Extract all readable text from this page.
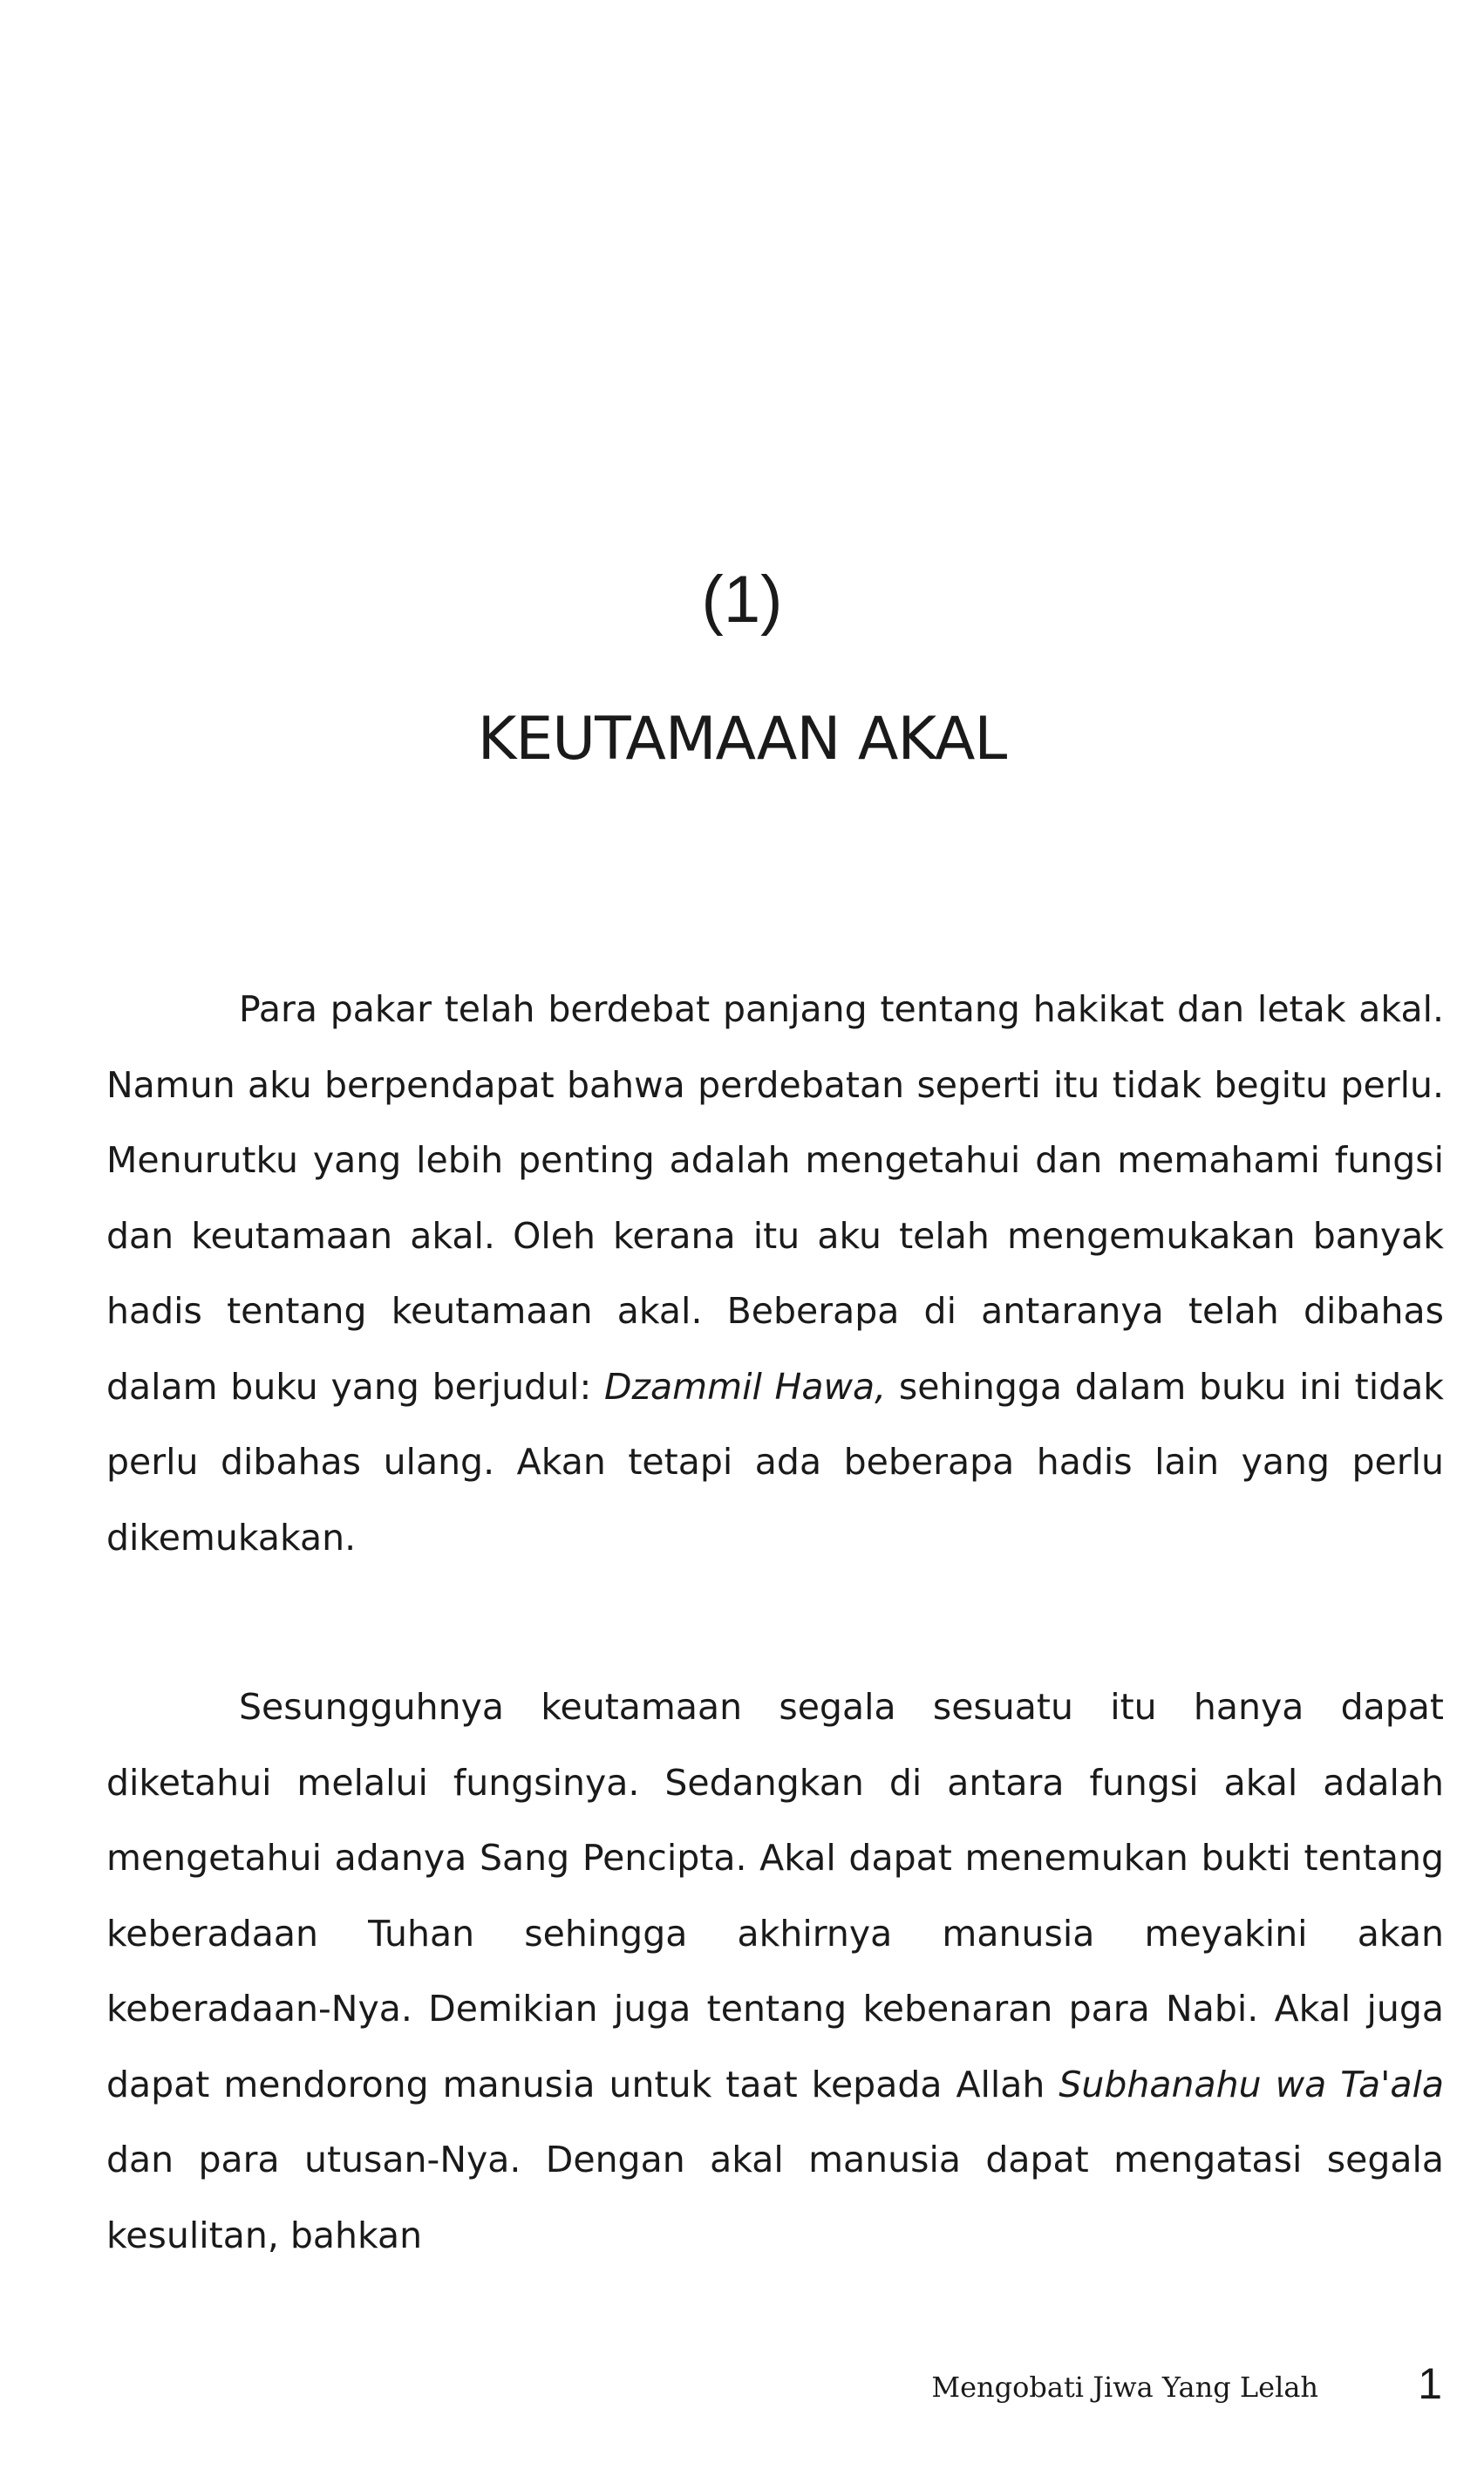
(1)
KEUTAMAAN AKAL

Para pakar telah berdebat panjang tentang hakikat dan letak akal. Namun aku berpendapat bahwa perdebatan seperti itu tidak begitu perlu. Menurutku yang lebih penting adalah mengetahui dan memahami fungsi dan keutamaan akal. Oleh kerana itu aku telah mengemukakan banyak hadis tentang keutamaan akal. Beberapa di antaranya telah dibahas dalam buku yang berjudul: Dzammil Hawa, sehingga dalam buku ini tidak perlu dibahas ulang. Akan tetapi ada beberapa hadis lain yang perlu dikemukakan.

Sesungguhnya keutamaan segala sesuatu itu hanya dapat diketahui melalui fungsinya. Sedangkan di antara fungsi akal adalah mengetahui adanya Sang Pencipta. Akal dapat menemukan bukti tentang keberadaan Tuhan sehingga akhirnya manusia meyakini akan keberadaan-Nya. Demikian juga tentang kebenaran para Nabi. Akal juga dapat mendorong manusia untuk taat kepada Allah Subhanahu wa Ta'ala dan para utusan-Nya. Dengan akal manusia dapat mengatasi segala kesulitan, bahkan

Mengobati Jiwa Yang Lelah 1
